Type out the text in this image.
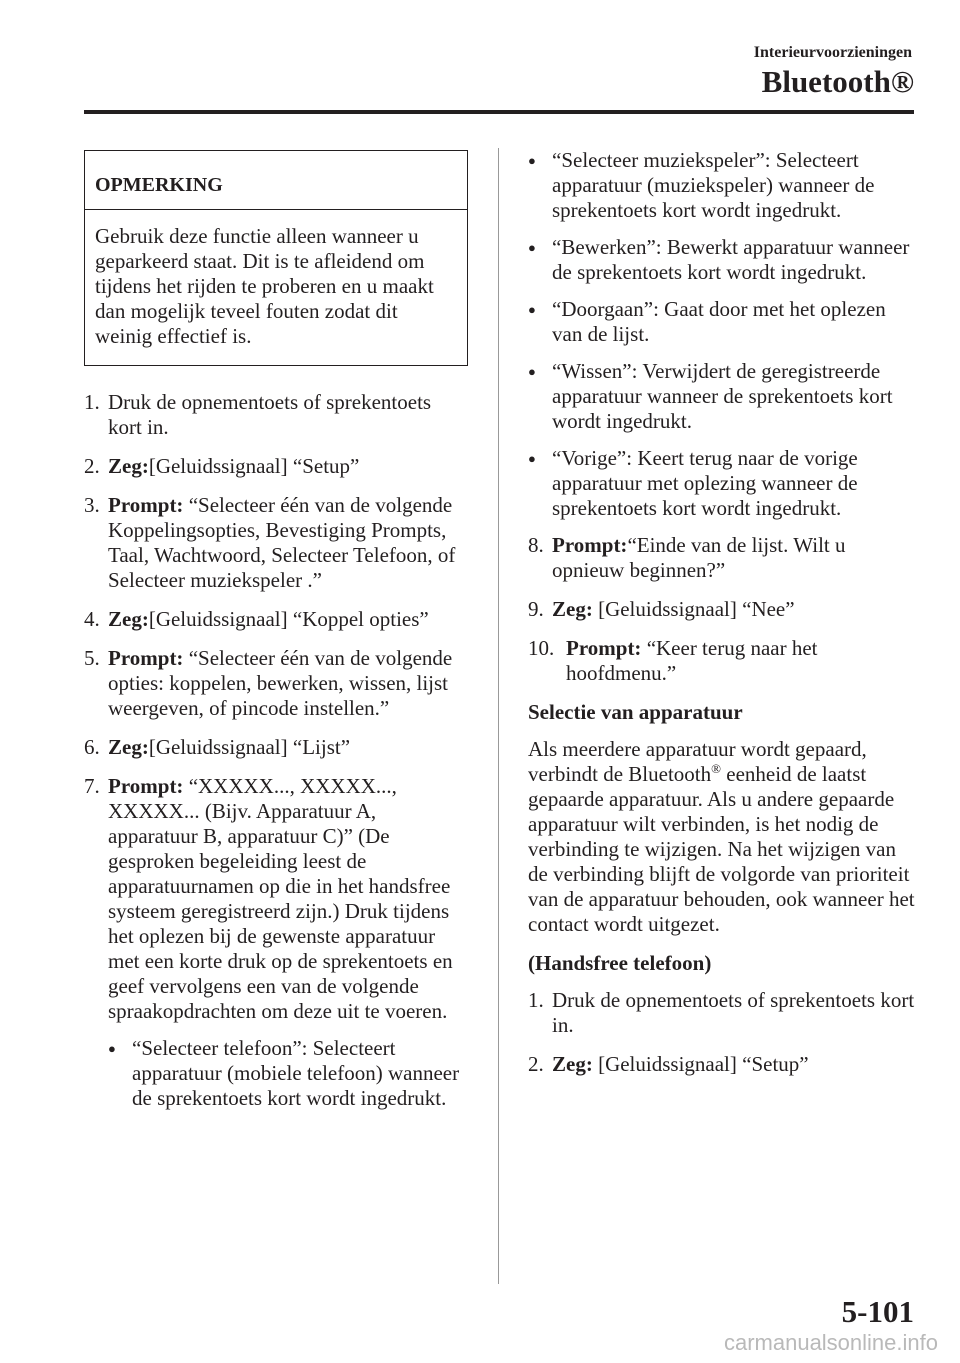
Interieurvoorzieningen
Bluetooth®
OPMERKING
Gebruik deze functie alleen wanneer u geparkeerd staat. Dit is te afleidend om tijdens het rijden te proberen en u maakt dan mogelijk teveel fouten zodat dit weinig effectief is.
1. Druk de opnementoets of sprekentoets kort in.
2. Zeg:[Geluidssignaal] “Setup”
3. Prompt: “Selecteer één van de volgende Koppelingsopties, Bevestiging Prompts, Taal, Wachtwoord, Selecteer Telefoon, of Selecteer muziekspeler .”
4. Zeg:[Geluidssignaal] “Koppel opties”
5. Prompt: “Selecteer één van de volgende opties: koppelen, bewerken, wissen, lijst weergeven, of pincode instellen.”
6. Zeg:[Geluidssignaal] “Lijst”
7. Prompt: “XXXXX..., XXXXX..., XXXXX... (Bijv. Apparatuur A, apparatuur B, apparatuur C)” (De gesproken begeleiding leest de apparatuurnamen op die in het handsfree systeem geregistreerd zijn.) Druk tijdens het oplezen bij de gewenste apparatuur met een korte druk op de sprekentoets en geef vervolgens een van de volgende spraakopdrachten om deze uit te voeren.
● “Selecteer telefoon”: Selecteert apparatuur (mobiele telefoon) wanneer de sprekentoets kort wordt ingedrukt.
● “Selecteer muziekspeler”: Selecteert apparatuur (muziekspeler) wanneer de sprekentoets kort wordt ingedrukt.
● “Bewerken”: Bewerkt apparatuur wanneer de sprekentoets kort wordt ingedrukt.
● “Doorgaan”: Gaat door met het oplezen van de lijst.
● “Wissen”: Verwijdert de geregistreerde apparatuur wanneer de sprekentoets kort wordt ingedrukt.
● “Vorige”: Keert terug naar de vorige apparatuur met oplezing wanneer de sprekentoets kort wordt ingedrukt.
8. Prompt:“Einde van de lijst. Wilt u opnieuw beginnen?”
9. Zeg: [Geluidssignaal] “Nee”
10. Prompt: “Keer terug naar het hoofdmenu.”
Selectie van apparatuur
Als meerdere apparatuur wordt gepaard, verbindt de Bluetooth® eenheid de laatst gepaarde apparatuur. Als u andere gepaarde apparatuur wilt verbinden, is het nodig de verbinding te wijzigen. Na het wijzigen van de verbinding blijft de volgorde van prioriteit van de apparatuur behouden, ook wanneer het contact wordt uitgezet.
(Handsfree telefoon)
1. Druk de opnementoets of sprekentoets kort in.
2. Zeg: [Geluidssignaal] “Setup”
5-101
carmanualsonline.info
